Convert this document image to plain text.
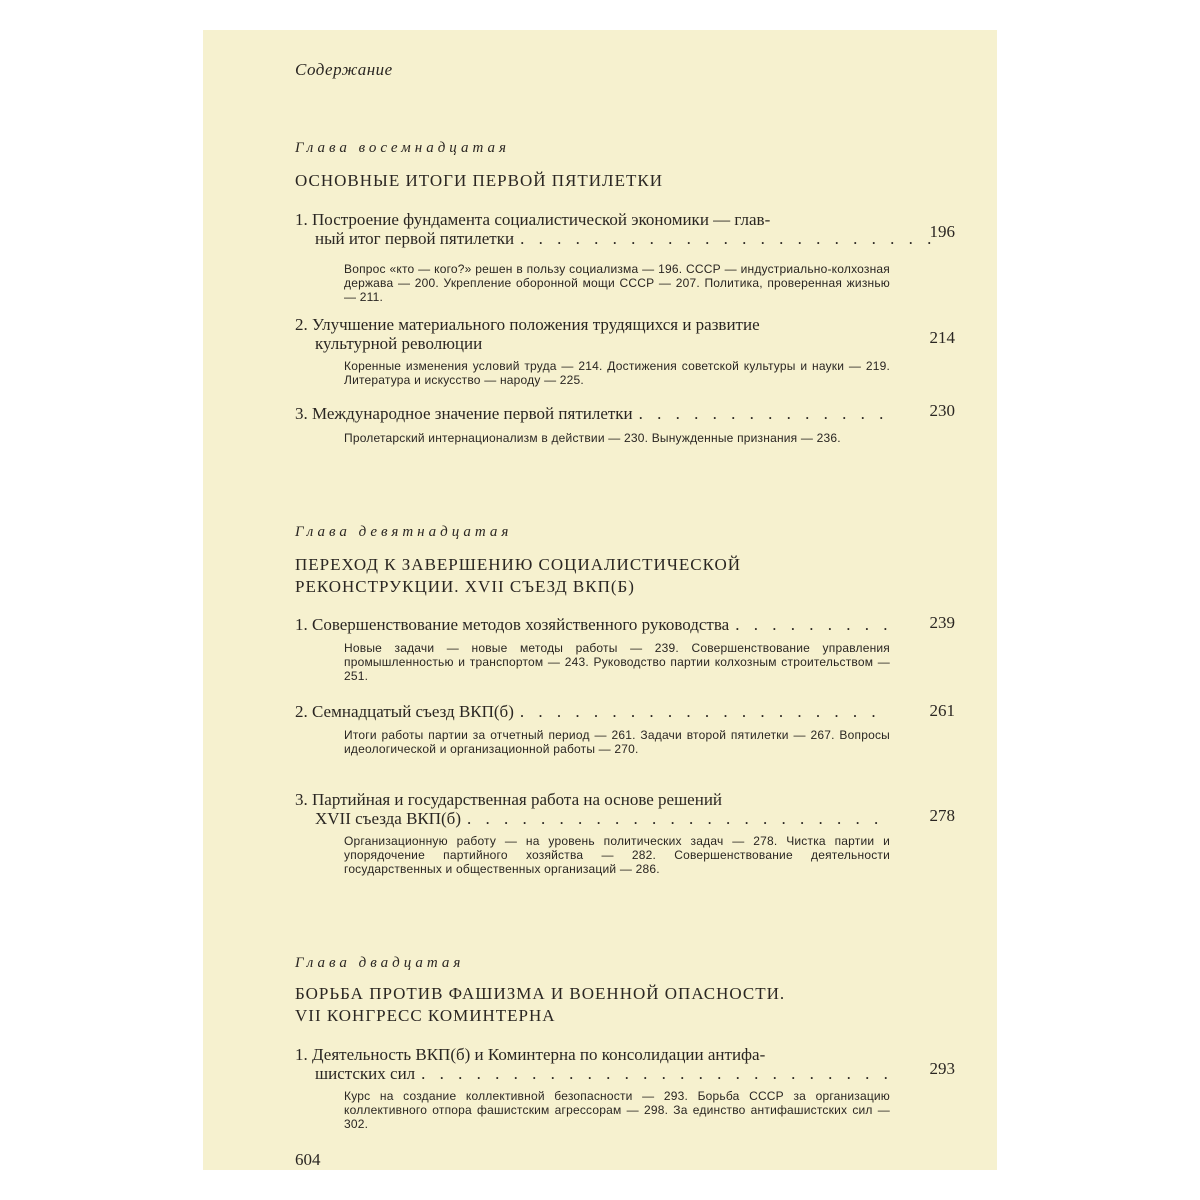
Содержание
Глава восемнадцатая
ОСНОВНЫЕ ИТОГИ ПЕРВОЙ ПЯТИЛЕТКИ
1. Построение фундамента социалистической экономики — глав-
ный итог первой пятилетки . . .	196
Вопрос «кто — кого?» решен в пользу социализма — 196. СССР — индустриально-колхозная держава — 200. Укрепление оборонной мощи СССР — 207. Политика, проверенная жизнью — 211.
2. Улучшение материального положения трудящихся и развитие
культурной революции	214
Коренные изменения условий труда — 214. Достижения советской культуры и науки — 219. Литература и искусство — народу — 225.
3. Международное значение первой пятилетки . . .	230
Пролетарский интернационализм в действии — 230. Вынужденные признания — 236.
Глава девятнадцатая
ПЕРЕХОД К ЗАВЕРШЕНИЮ СОЦИАЛИСТИЧЕСКОЙ
РЕКОНСТРУКЦИИ. XVII СЪЕЗД ВКП(Б)
1. Совершенствование методов хозяйственного руководства . . .	239
Новые задачи — новые методы работы — 239. Совершенствование управления промышленностью и транспортом — 243. Руководство партии колхозным строительством — 251.
2. Семнадцатый съезд ВКП(б) . . .	261
Итоги работы партии за отчетный период — 261. Задачи второй пятилетки — 267. Вопросы идеологической и организационной работы — 270.
3. Партийная и государственная работа на основе решений
XVII съезда ВКП(б) . . .	278
Организационную работу — на уровень политических задач — 278. Чистка партии и упорядочение партийного хозяйства — 282. Совершенствование деятельности государственных и общественных организаций — 286.
Глава двадцатая
БОРЬБА ПРОТИВ ФАШИЗМА И ВОЕННОЙ ОПАСНОСТИ.
VII КОНГРЕСС КОМИНТЕРНА
1. Деятельность ВКП(б) и Коминтерна по консолидации антифа-
шистских сил . . .	293
Курс на создание коллективной безопасности — 293. Борьба СССР за организацию коллективного отпора фашистским агрессорам — 298. За единство антифашистских сил — 302.
604
